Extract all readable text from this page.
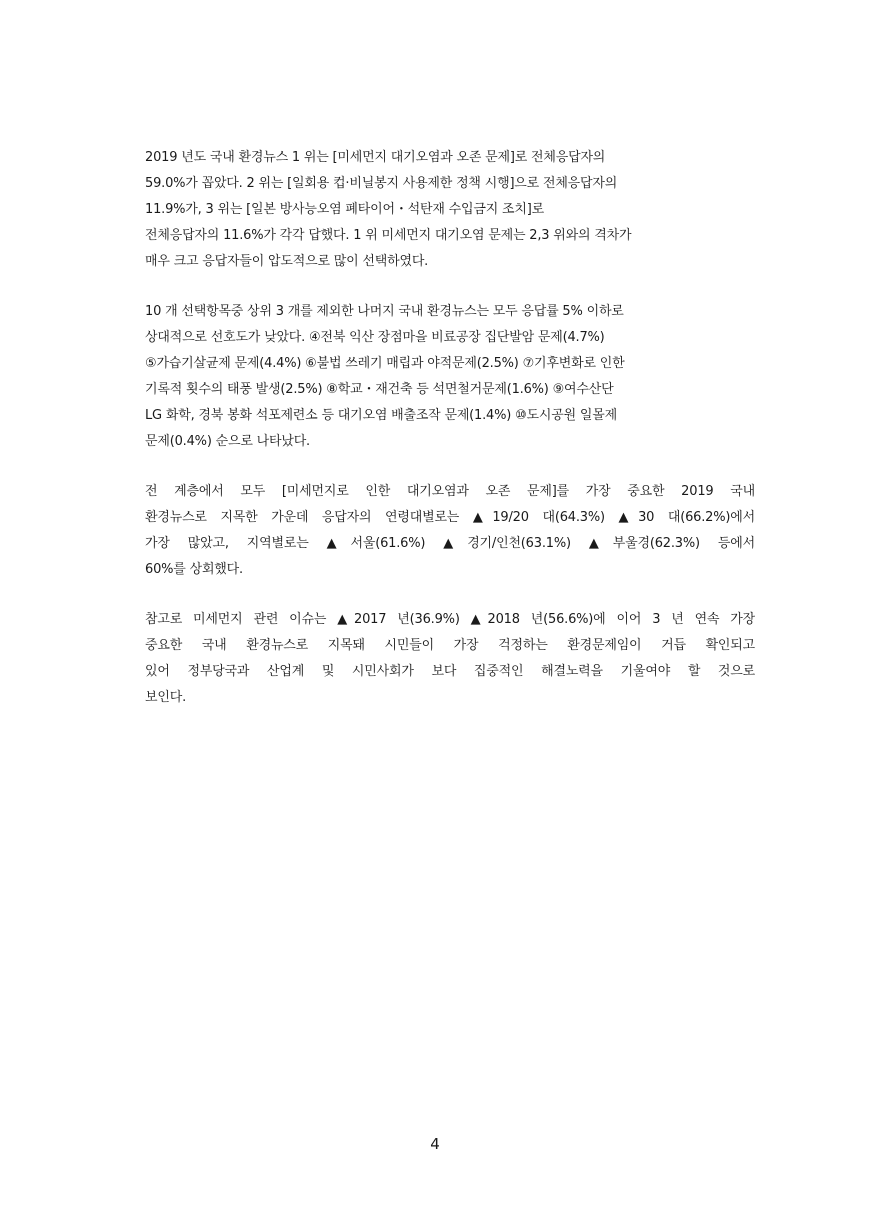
2019 년도 국내 환경뉴스 1 위는 [미세먼지 대기오염과 오존 문제]로 전체응답자의
59.0%가 꼽았다. 2 위는 [일회용 컵·비닐봉지 사용제한 정책 시행]으로 전체응답자의
11.9%가, 3 위는 [일본 방사능오염 폐타이어・석탄재 수입금지 조치]로
전체응답자의 11.6%가 각각 답했다. 1 위 미세먼지 대기오염 문제는 2,3 위와의 격차가
매우 크고 응답자들이 압도적으로 많이 선택하였다.

10 개 선택항목중 상위 3 개를 제외한 나머지 국내 환경뉴스는 모두 응답률 5% 이하로
상대적으로 선호도가 낮았다. ④전북 익산 장점마을 비료공장 집단발암 문제(4.7%)
⑤가습기살균제 문제(4.4%) ⑥불법 쓰레기 매립과 야적문제(2.5%) ⑦기후변화로 인한
기록적 횟수의 태풍 발생(2.5%) ⑧학교・재건축 등 석면철거문제(1.6%) ⑨여수산단
LG 화학, 경북 봉화 석포제련소 등 대기오염 배출조작 문제(1.4%) ⑩도시공원 일몰제
문제(0.4%) 순으로 나타났다.

전 계층에서 모두 [미세먼지로 인한 대기오염과 오존 문제]를 가장 중요한 2019 국내
환경뉴스로 지목한 가운데 응답자의 연령대별로는 ▲19/20 대(64.3%) ▲30 대(66.2%)에서
가장 많았고, 지역별로는 ▲서울(61.6%) ▲경기/인천(63.1%) ▲부울경(62.3%) 등에서
60%를 상회했다.

참고로 미세먼지 관련 이슈는 ▲2017 년(36.9%) ▲2018 년(56.6%)에 이어 3 년 연속 가장
중요한 국내 환경뉴스로 지목돼 시민들이 가장 걱정하는 환경문제임이 거듭 확인되고
있어 정부당국과 산업계 및 시민사회가 보다 집중적인 해결노력을 기울여야 할 것으로
보인다.

4
